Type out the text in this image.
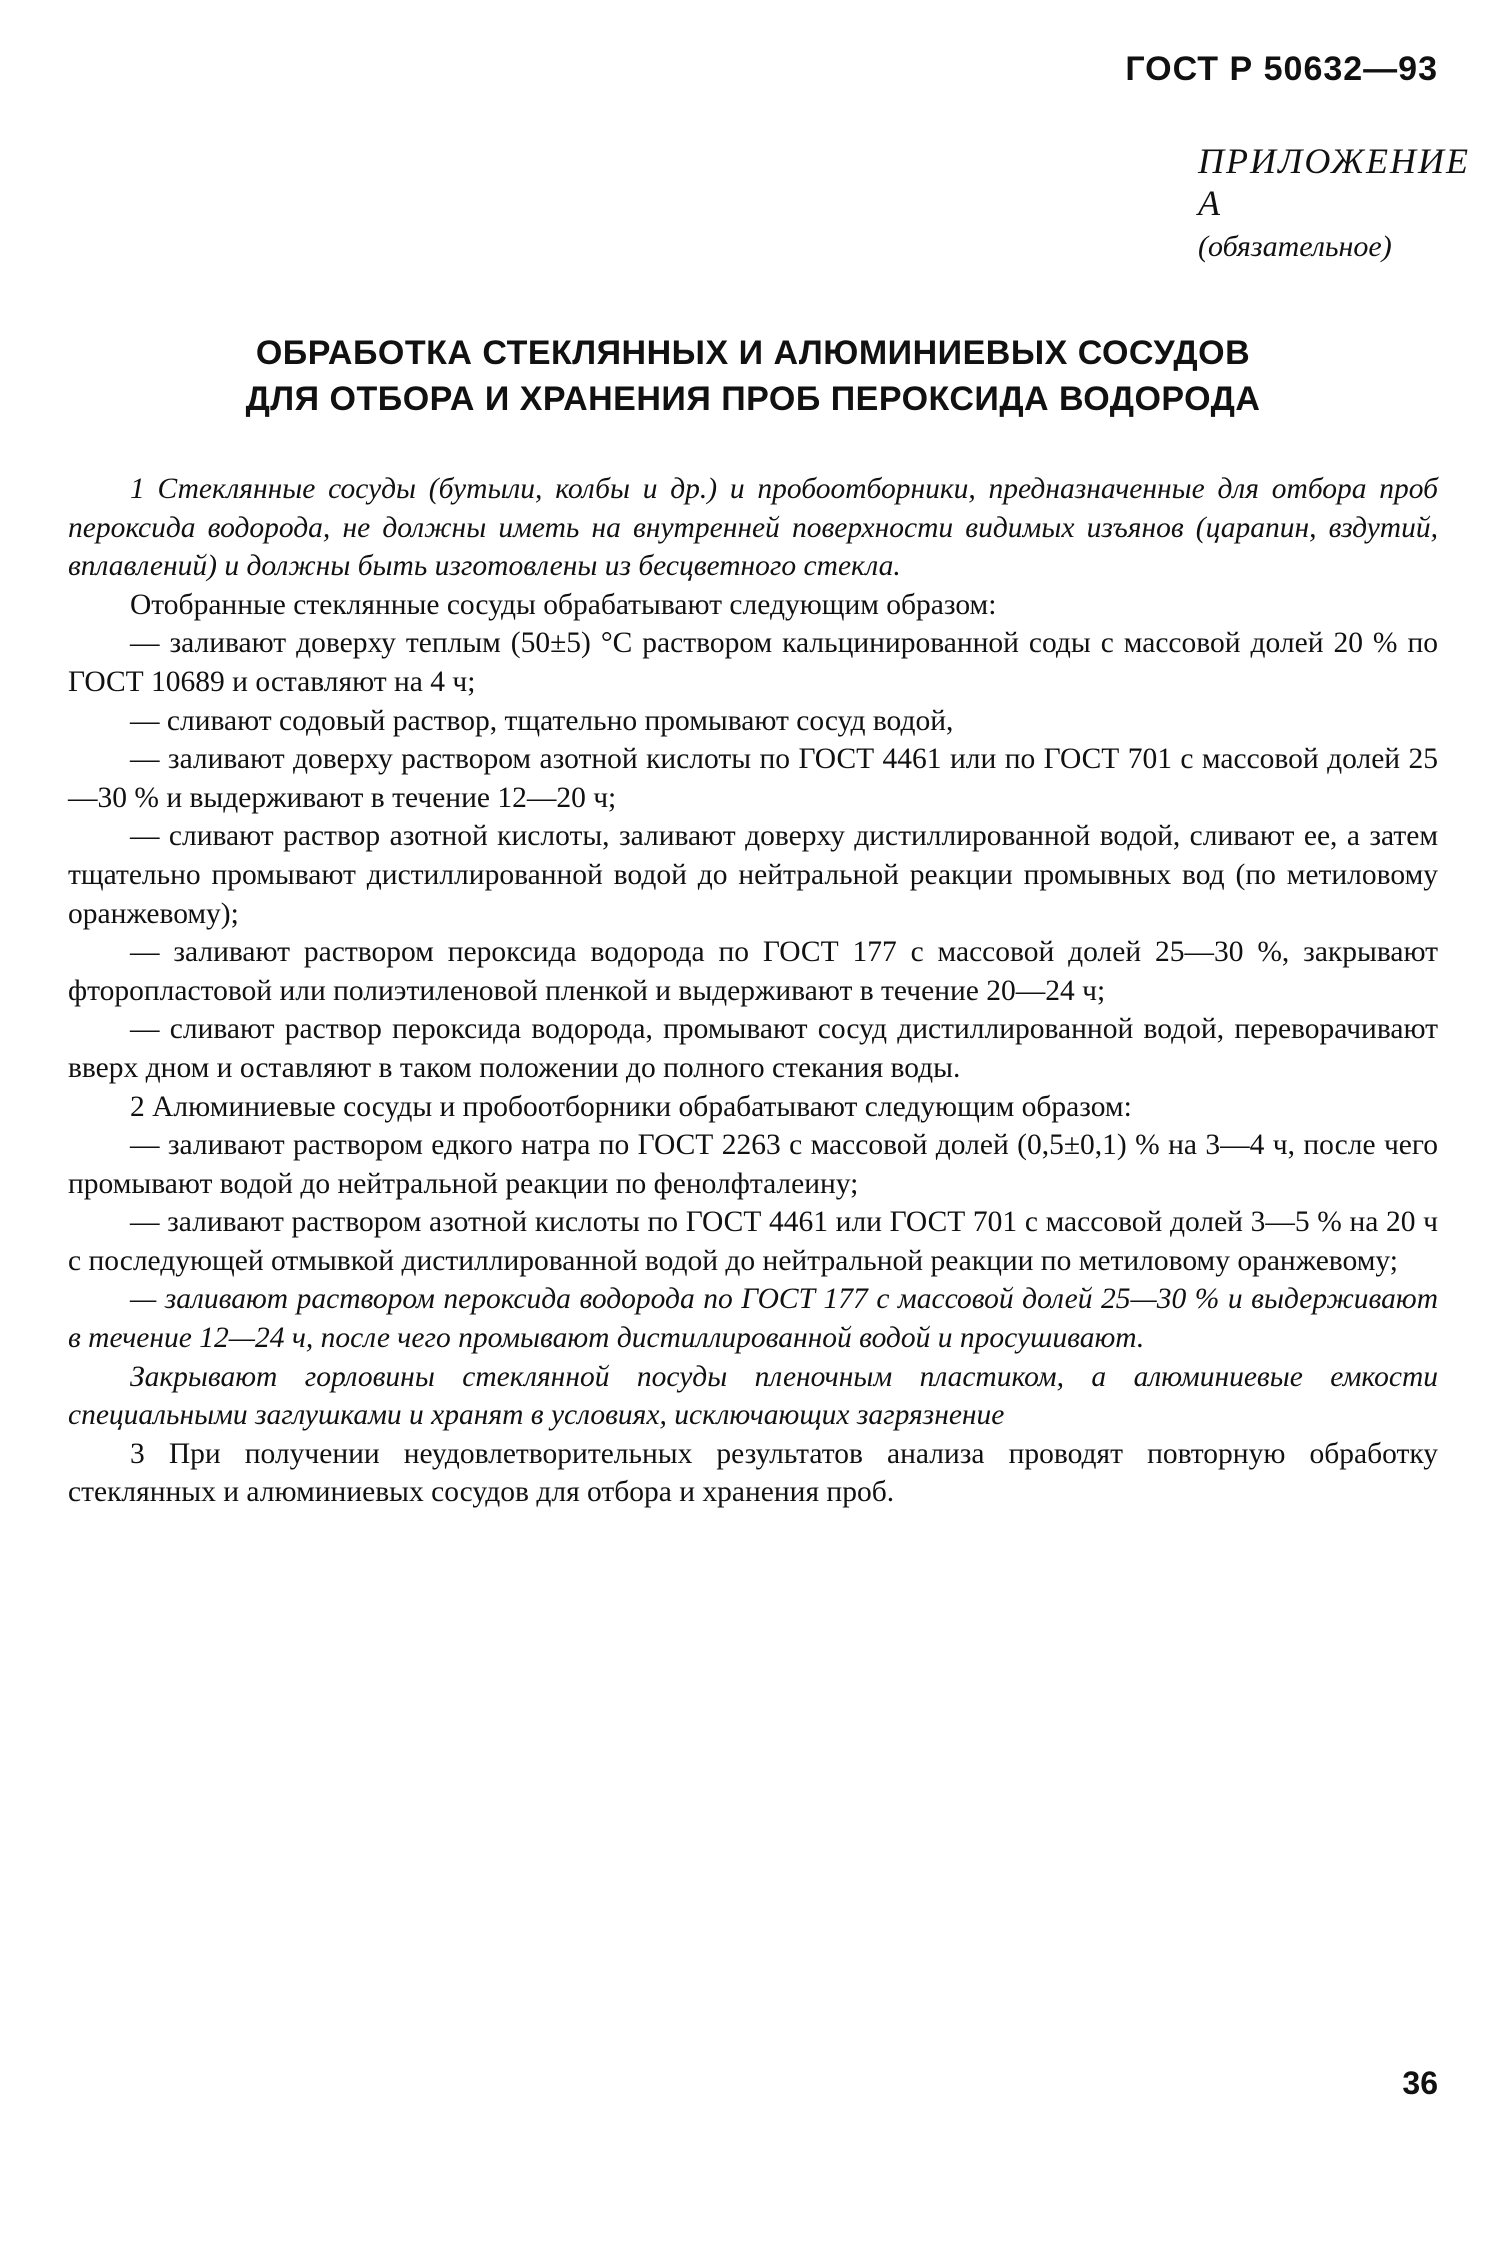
ГОСТ Р 50632—93
ПРИЛОЖЕНИЕ А
(обязательное)
ОБРАБОТКА СТЕКЛЯННЫХ И АЛЮМИНИЕВЫХ СОСУДОВ
ДЛЯ ОТБОРА И ХРАНЕНИЯ ПРОБ ПЕРОКСИДА ВОДОРОДА

1 Стеклянные сосуды (бутыли, колбы и др.) и пробоотборники, предназначенные для отбора проб пероксида водорода, не должны иметь на внутренней поверхности видимых изъянов (царапин, вздутий, вплавлений) и должны быть изготовлены из бесцветного стекла.

Отобранные стеклянные сосуды обрабатывают следующим образом:

— заливают доверху теплым (50±5) °С раствором кальцинированной соды с массовой долей 20 % по ГОСТ 10689 и оставляют на 4 ч;

— сливают содовый раствор, тщательно промывают сосуд водой,

— заливают доверху раствором азотной кислоты по ГОСТ 4461 или по ГОСТ 701 с массовой долей 25—30 % и выдерживают в течение 12—20 ч;

— сливают раствор азотной кислоты, заливают доверху дистиллированной водой, сливают ее, а затем тщательно промывают дистиллированной водой до нейтральной реакции промывных вод (по метиловому оранжевому);

— заливают раствором пероксида водорода по ГОСТ 177 с массовой долей 25—30 %, закрывают фторопластовой или полиэтиленовой пленкой и выдерживают в течение 20—24 ч;

— сливают раствор пероксида водорода, промывают сосуд дистиллированной водой, переворачивают вверх дном и оставляют в таком положении до полного стекания воды.

2 Алюминиевые сосуды и пробоотборники обрабатывают следующим образом:

— заливают раствором едкого натра по ГОСТ 2263 с массовой долей (0,5±0,1) % на 3—4 ч, после чего промывают водой до нейтральной реакции по фенолфталеину;

— заливают раствором азотной кислоты по ГОСТ 4461 или ГОСТ 701 с массовой долей 3—5 % на 20 ч с последующей отмывкой дистиллированной водой до нейтральной реакции по метиловому оранжевому;

— заливают раствором пероксида водорода по ГОСТ 177 с массовой долей 25—30 % и выдерживают в течение 12—24 ч, после чего промывают дистиллированной водой и просушивают.

Закрывают горловины стеклянной посуды пленочным пластиком, а алюминиевые емкости специальными заглушками и хранят в условиях, исключающих загрязнение

3 При получении неудовлетворительных результатов анализа проводят повторную обработку стеклянных и алюминиевых сосудов для отбора и хранения проб.

36
